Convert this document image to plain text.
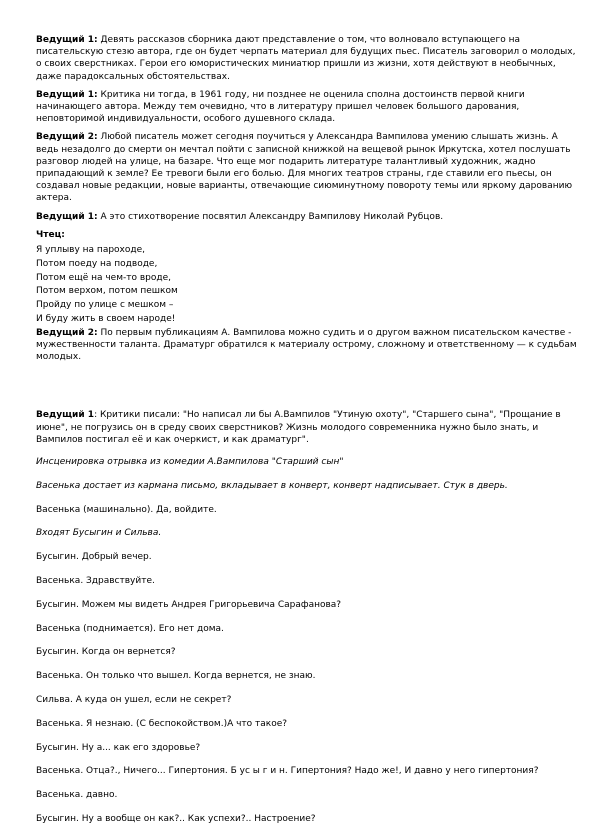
Ведущий 1: Девять рассказов сборника дают представление о том, что волновало вступающего на писательскую стезю автора, где он будет черпать материал для будущих пьес. Писатель заговорил о молодых, о своих сверстниках. Герои его юмористических миниатюр пришли из жизни, хотя действуют в необычных, даже парадоксальных обстоятельствах.

Ведущий 1: Критика ни тогда, в 1961 году, ни позднее не оценила сполна достоинств первой книги начинающего автора. Между тем очевидно, что в литературу пришел человек большого дарования, неповторимой индивидуальности, особого душевного склада.

Ведущий 2: Любой писатель может сегодня поучиться у Александра Вампилова умению слышать жизнь. А ведь незадолго до смерти он мечтал пойти с записной книжкой на вещевой рынок Иркутска, хотел послушать разговор людей на улице, на базаре. Что еще мог подарить литературе талантливый художник, жадно припадающий к земле? Ее тревоги были его болью. Для многих театров страны, где ставили его пьесы, он создавал новые редакции, новые варианты, отвечающие сиюминутному повороту темы или яркому дарованию актера.

Ведущий 1: А это стихотворение посвятил Александру Вампилову Николай Рубцов.

Чтец:

Я уплыву на пароходе,
Потом поеду на подводе,
Потом ещё на чем-то вроде,
Потом верхом, потом пешком
Пройду по улице с мешком –
И буду жить в своем народе!

Ведущий 2: По первым публикациям А. Вампилова можно судить и о другом важном писательском качестве - мужественности таланта. Драматург обратился к материалу острому, сложному и ответственному — к судьбам молодых.

Ведущий 1: Критики писали: "Но написал ли бы А.Вампилов "Утиную охоту", "Старшего сына", "Прощание в июне", не погрузись он в среду своих сверстников? Жизнь молодого современника нужно было знать, и Вампилов постигал её и как очеркист, и как драматург".

Инсценировка отрывка из комедии А.Вампилова "Старший сын"

Васенька достает из кармана письмо, вкладывает в конверт, конверт надписывает. Стук в дверь.

Васенька (машинально). Да, войдите.

Входят Бусыгин и Сильва.

Бусыгин. Добрый вечер.

Васенька. Здравствуйте.

Бусыгин. Можем мы видеть Андрея Григорьевича Сарафанова?

Васенька (поднимается). Его нет дома.

Бусыгин. Когда он вернется?

Васенька. Он только что вышел. Когда вернется, не знаю.

Сильва. А куда он ушел, если не секрет?

Васенька. Я незнаю. (С беспокойством.)А что такое?

Бусыгин. Ну а... как его здоровье?

Васенька. Отца?., Ничего... Гипертония. Б ус ы г и н. Гипертония? Надо же!, И давно у него гипертония?

Васенька. давно.

Бусыгин. Ну а вообще он как?.. Как успехи?.. Настроение?
